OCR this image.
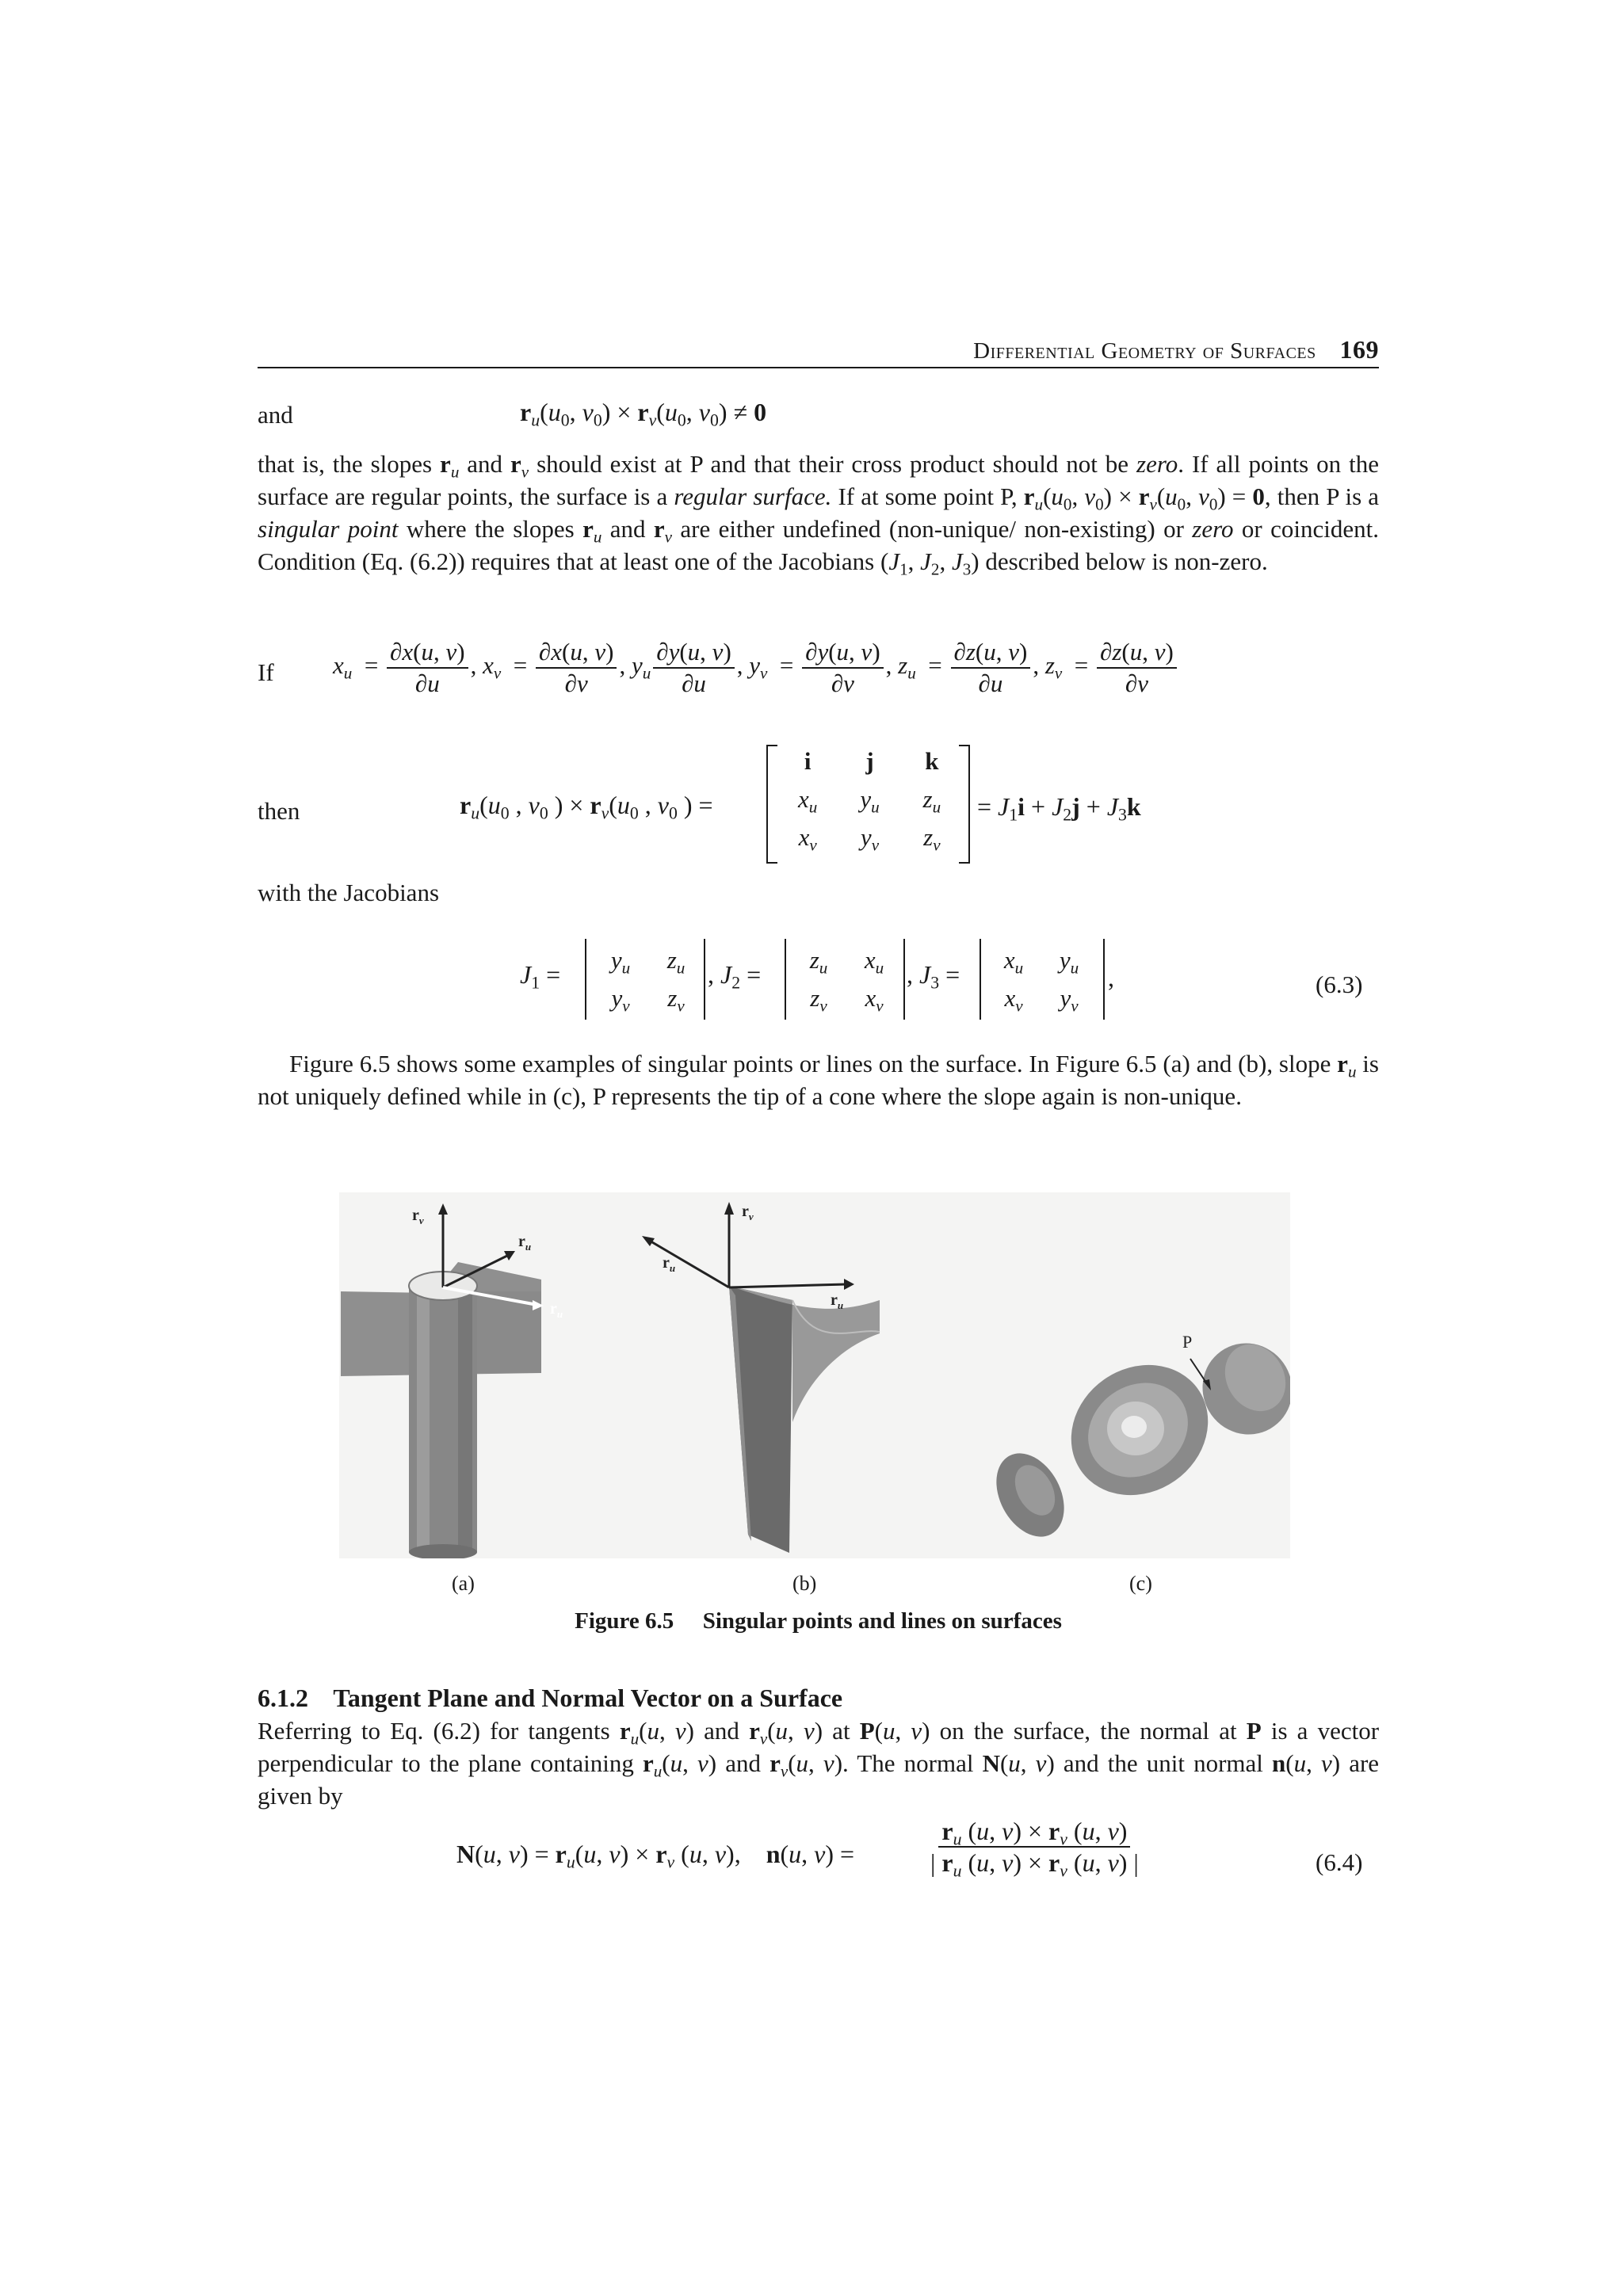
Differential Geometry of Surfaces 169
and	$r_u(u_0$, $v_0) \times r_v(u_0$, $v_0) \ne 0$
that is, the slopes $r_u$ and $r_v$ should exist at P and that their cross product should not be zero. If all points on the surface are regular points, the surface is a regular surface. If at some point P, $r_u(u_0$, $v_0) \times r_v(u_0$, $v_0) = 0$, then P is a singular point where the slopes $r_u$ and $r_v$ are either undefined (non-unique/ non-existing) or zero or coincident. Condition (Eq. (6.2)) requires that at least one of the Jacobians ($J_1$, $J_2$, $J_3$) described below is non-zero.
If $x_u = \frac{\partial x(u, v)}{\partial u}$ , $x_v = \frac{\partial x(u, v)}{\partial v}$ , $y_u \frac{\partial y(u, v)}{\partial u}$ , $y_v = \frac{\partial y(u, v)}{\partial v}$ , $z_u = \frac{\partial z(u, v)}{\partial u}$ , $z_v = \frac{\partial z(u, v)}{\partial v}$
then	$r_u(u_0$ , $v_0$ ) × $r_v(u_0$ , $v_0$ ) =
i	j	k
$x_u$	$y_u$	$z_u$
$x_v$	$y_v$	$z_v$
= $J_1i + J_2j + J_3k$
with the Jacobians
$J_1$ =
$y_u$	$z_u$
$y_v$	$z_v$
, $J_2$ =
$z_u$	$x_u$
$z_v$	$x_v$
, $J_3$ =
$x_u$	$y_u$
$x_v$	$y_v$
,	(6.3)
Figure 6.5 shows some examples of singular points or lines on the surface. In Figure 6.5 (a) and (b), slope $r_u$ is not uniquely defined while in (c), P represents the tip of a cone where the slope again is non-unique.
$r_v$
$r_u$
$r_u$
$r_v$
$r_u$
$r_u$
P
(a)	(b)	(c)
Figure 6.5 Singular points and lines on surfaces
6.1.2 Tangent Plane and Normal Vector on a Surface
Referring to Eq. (6.2) for tangents $r_u(u$, v) and $r_v(u$, v) at P(u, v) on the surface, the normal at P is a vector perpendicular to the plane containing $r_u(u$, v) and $r_v(u$, v). The normal N(u, v) and the unit normal n(u, v) are given by
N(u, $v) = r_u(u$, $v) \times r_v$ (u, v),    n(u, v) =	$\frac{r_u (u, v) \times r_v (u, v)}{| r_u (u, v) \times r_v (u, v) |}$	(6.4)
